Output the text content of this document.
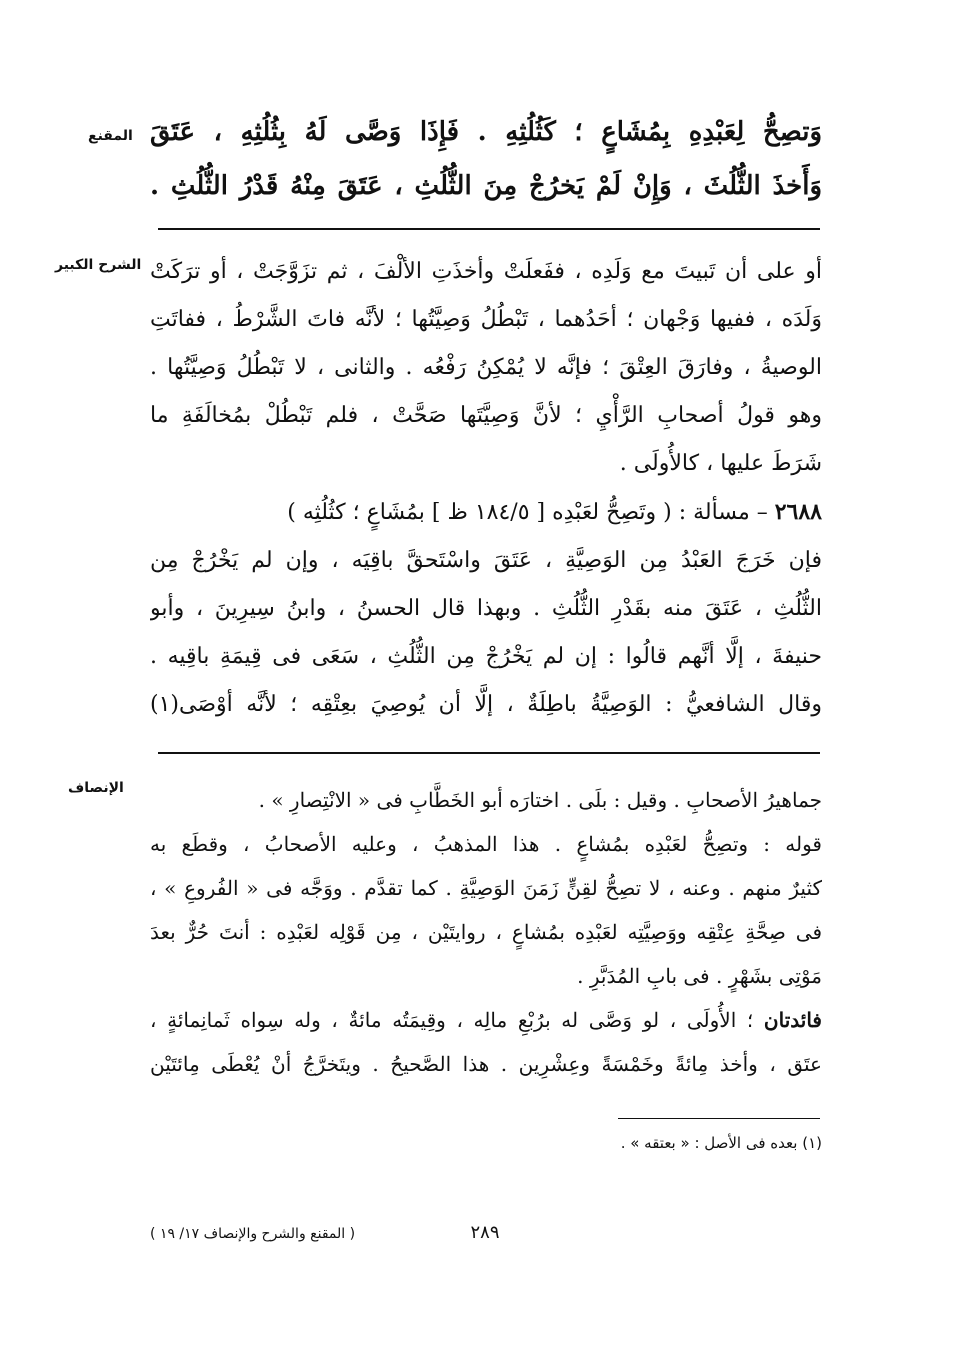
المقنع
الشرح الكبير
الإنصاف
وَتصِحُّ لِعَبْدِهِ بِمُشَاعٍ ؛ كَثُلُثِهِ . فَإِذَا وَصَّى لَهُ بِثُلُثِهِ ، عَتَقَ
وَأَخذَ الثُّلُثَ ، وَإِنْ لَمْ يَخرُجْ مِنَ الثُّلُثِ ، عَتَقَ مِنْهُ قَدْرُ الثُّلُثِ .
أو على أن تَبيتَ مع وَلَدِه ، ففَعلَتْ وأخذَتِ الألْفَ ، ثم تزَوَّجَتْ ، أو ترَكَتْ
وَلَدَه ، ففيها وَجْهان ؛ أحَدُهما ، تَبْطُلُ وَصِيَّتُها ؛ لأنَّه فاتَ الشَّرْطُ ، ففاتَتِ
الوصيةُ ، وفارَقَ العِتْقَ ؛ فإنَّه لا يُمْكِنُ رَفْعُه . والثانى ، لا تَبْطُلُ وَصِيَّتُها .
وهو قولُ أصحابِ الرَّأْيِ ؛ لأنَّ وَصِيَّتَها صَحَّتْ ، فلم تَبْطُلْ بمُخالَفَةِ ما
شَرَطَ عليها ، كالأُولَى .
٢٦٨٨ – مسألة : ( وتَصِحُّ لعَبْدِه [ ١٨٤/٥ ظ ] بمُشَاعٍ ؛ كثُلُثِه )
فإن خَرَجَ العَبْدُ مِن الوَصِيَّةِ ، عَتَقَ واسْتَحقَّ باقِيَه ، وإن لم يَخْرُجْ مِن
الثُّلُثِ ، عَتَقَ منه بقَدْرِ الثُّلُثِ . وبهذا قال الحسنُ ، وابنُ سِيرِينَ ، وأبو
حنيفةَ ، إلَّا أنَّهم قالُوا : إن لم يَخْرُجْ مِن الثُّلُثِ ، سَعَى فى قِيمَةِ باقِيه .
وقال الشافعيُّ : الوَصِيَّةُ باطِلَةٌ ، إلَّا أن يُوصِيَ بعِتْقِه ؛ لأنَّه أوْصَى(١)
جماهيرُ الأصحابِ . وقيل : بلَى . اختارَه أبو الخَطَّابِ فى « الانْتِصارِ » .
قوله : وتصِحُّ لعَبْدِه بمُشاعٍ . هذا المذهبُ ، وعليه الأصحابُ ، وقطَع به
كثيرٌ منهم . وعنه ، لا تصِحُّ لقِنٍّ زَمَنَ الوَصِيَّةِ . كما تقدَّم . ووَجَّه فى « الفُروعِ » ،
فى صِحَّةِ عِتْقِه ووَصِيَّتِه لعَبْدِه بمُشاعٍ ، روايتَيْن ، مِن قَوْلِه لعَبْدِه : أنتَ حُرٌّ بعدَ
مَوْتِى بشَهْرٍ . فى بابِ المُدَبَّرِ .
فائدتان ؛ الأُولَى ، لو وَصَّى له برُبْعِ مالِه ، وقِيمَتُه مائةٌ ، وله سِواه ثَمانِمائةٍ ،
عتَق ، وأخذ مِائةً وخَمْسَةً وعِشْرِين . هذا الصَّحيحُ . ويتَخرَّجُ أنْ يُعْطَى مِائتَيْن
(١) بعده فى الأصل : « بعتقه » .
٢٨٩
( المقنع والشرح والإنصاف ١٧/ ١٩ )
